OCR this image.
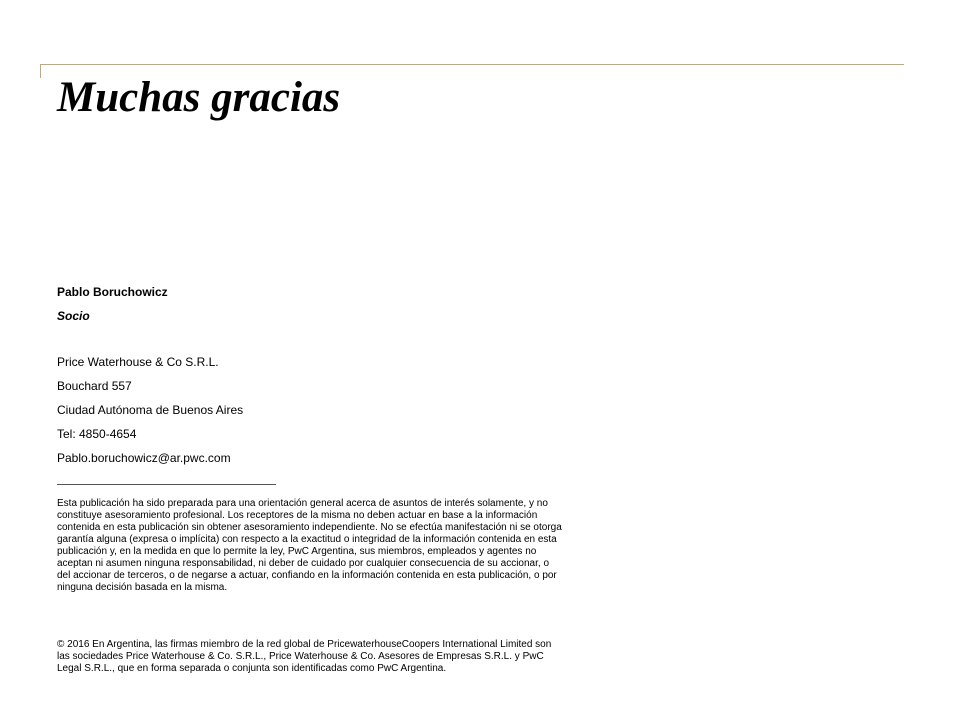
Muchas gracias
Pablo Boruchowicz
Socio
Price Waterhouse & Co S.R.L.
Bouchard 557
Ciudad Autónoma de Buenos Aires
Tel: 4850-4654
Pablo.boruchowicz@ar.pwc.com

Esta publicación ha sido preparada para una orientación general acerca de asuntos de interés solamente, y no constituye asesoramiento profesional. Los receptores de la misma no deben actuar en base a la información contenida en esta publicación sin obtener asesoramiento independiente. No se efectúa manifestación ni se otorga garantía alguna (expresa o implícita) con respecto a la exactitud o integridad de la información contenida en esta publicación y, en la medida en que lo permite la ley, PwC Argentina, sus miembros, empleados y agentes no aceptan ni asumen ninguna responsabilidad, ni deber de cuidado por cualquier consecuencia de su accionar, o del accionar de terceros, o de negarse a actuar, confiando en la información contenida en esta publicación, o por ninguna decisión basada en la misma.

© 2016 En Argentina, las firmas miembro de la red global de PricewaterhouseCoopers International Limited son las sociedades Price Waterhouse & Co. S.R.L., Price Waterhouse & Co. Asesores de Empresas S.R.L. y PwC Legal S.R.L., que en forma separada o conjunta son identificadas como PwC Argentina.
